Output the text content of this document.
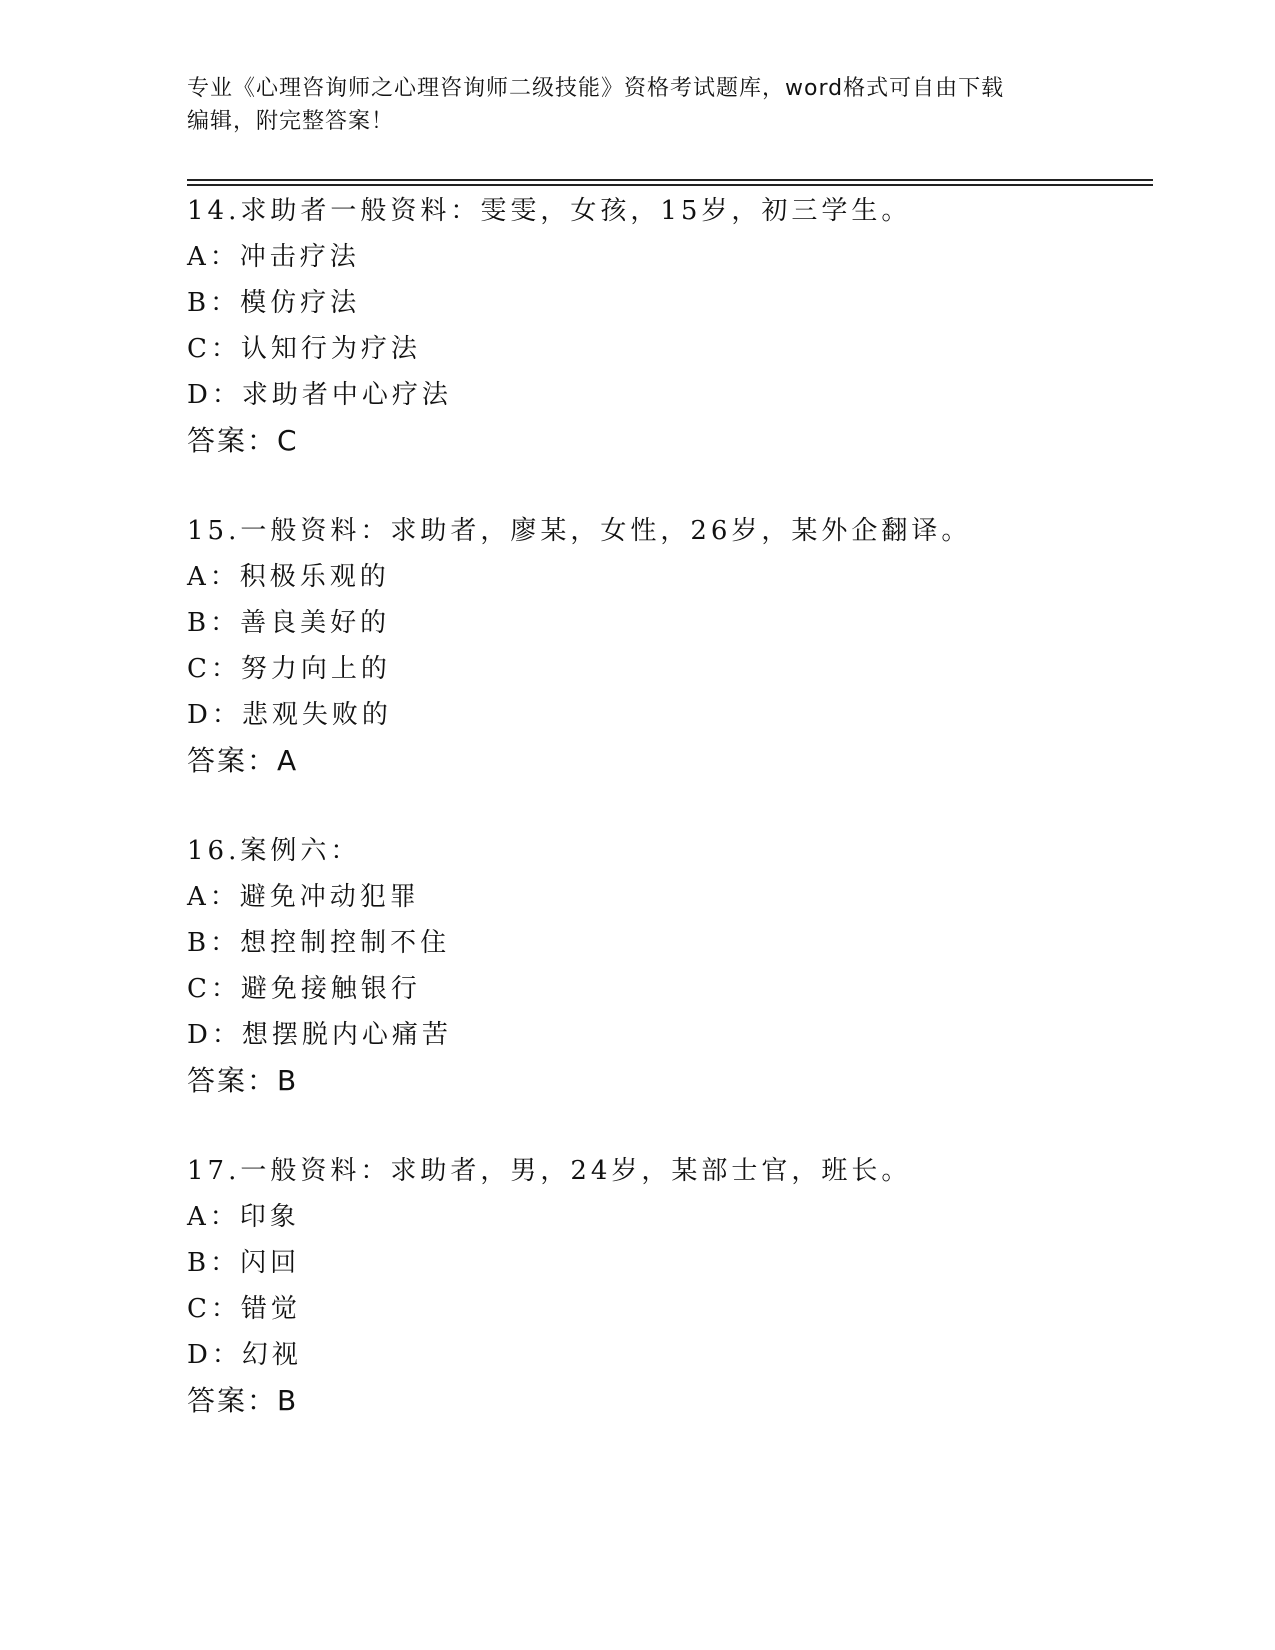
专业《心理咨询师之心理咨询师二级技能》资格考试题库，word格式可自由下载
编辑，附完整答案！
14.求助者一般资料：雯雯，女孩，15岁，初三学生。
A：冲击疗法
B：模仿疗法
C：认知行为疗法
D：求助者中心疗法
答案：C
15.一般资料：求助者，廖某，女性，26岁，某外企翻译。
A：积极乐观的
B：善良美好的
C：努力向上的
D：悲观失败的
答案：A
16.案例六：
A：避免冲动犯罪
B：想控制控制不住
C：避免接触银行
D：想摆脱内心痛苦
答案：B
17.一般资料：求助者，男，24岁，某部士官，班长。
A：印象
B：闪回
C：错觉
D：幻视
答案：B
